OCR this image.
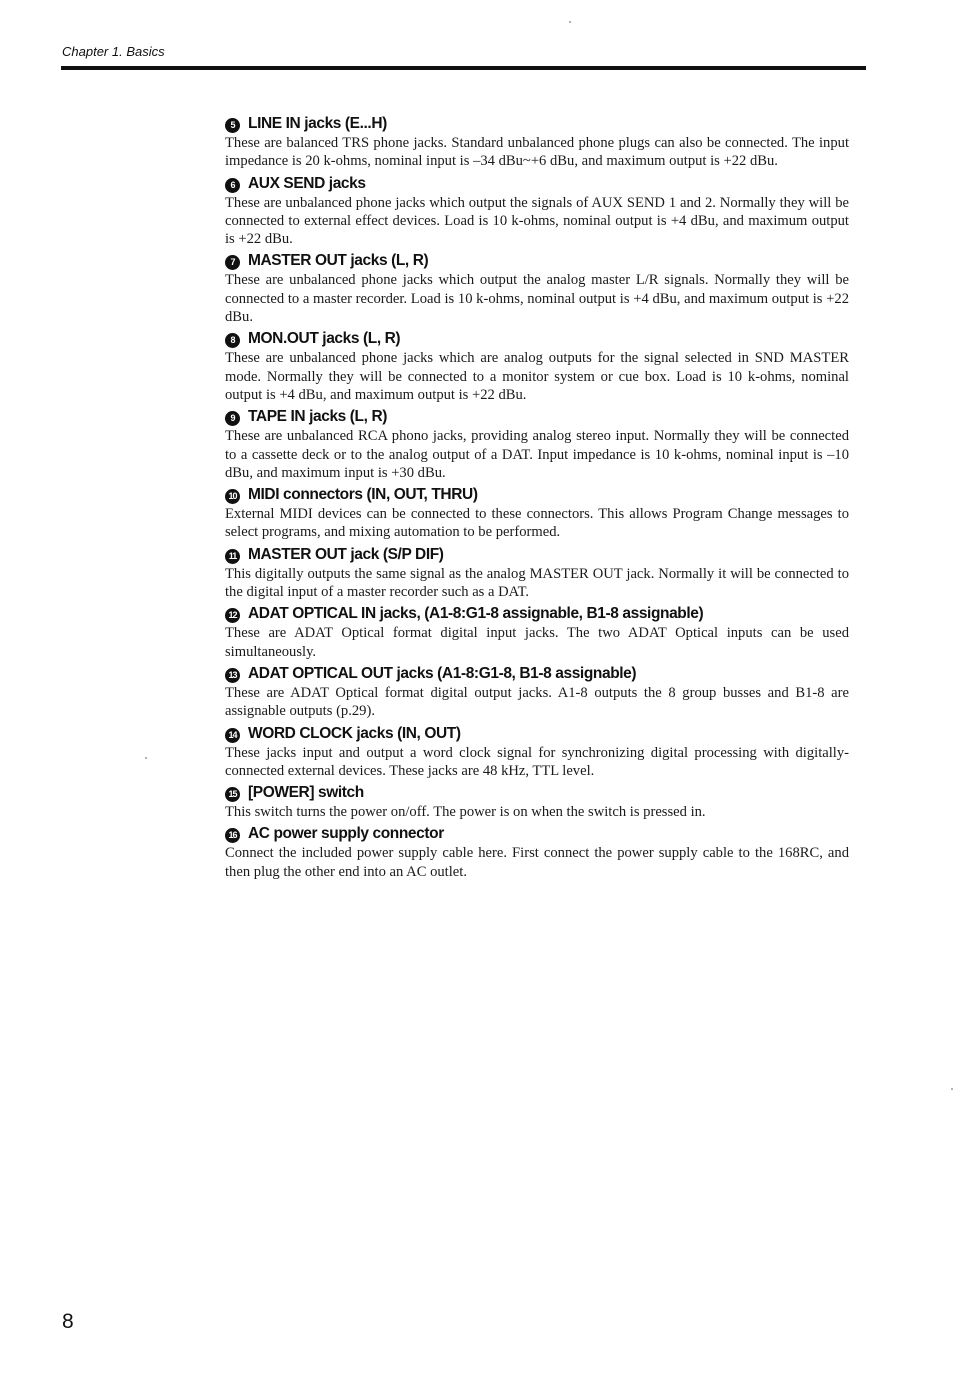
Chapter 1. Basics
5 LINE IN jacks (E...H)

These are balanced TRS phone jacks. Standard unbalanced phone plugs can also be connected. The input impedance is 20 k-ohms, nominal input is –34 dBu~+6 dBu, and maximum output is +22 dBu.

6 AUX SEND jacks

These are unbalanced phone jacks which output the signals of AUX SEND 1 and 2. Normally they will be connected to external effect devices. Load is 10 k-ohms, nominal output is +4 dBu, and maximum output is +22 dBu.

7 MASTER OUT jacks (L, R)

These are unbalanced phone jacks which output the analog master L/R signals. Normally they will be connected to a master recorder. Load is 10 k-ohms, nominal output is +4 dBu, and maximum output is +22 dBu.

8 MON.OUT jacks (L, R)

These are unbalanced phone jacks which are analog outputs for the signal selected in SND MASTER mode. Normally they will be connected to a monitor system or cue box. Load is 10 k-ohms, nominal output is +4 dBu, and maximum output is +22 dBu.

9 TAPE IN jacks (L, R)

These are unbalanced RCA phono jacks, providing analog stereo input. Normally they will be connected to a cassette deck or to the analog output of a DAT. Input impedance is 10 k-ohms, nominal input is –10 dBu, and maximum input is +30 dBu.

10 MIDI connectors (IN, OUT, THRU)

External MIDI devices can be connected to these connectors. This allows Program Change messages to select programs, and mixing automation to be performed.

11 MASTER OUT jack (S/P DIF)

This digitally outputs the same signal as the analog MASTER OUT jack. Normally it will be connected to the digital input of a master recorder such as a DAT.

12 ADAT OPTICAL IN jacks, (A1-8:G1-8 assignable, B1-8 assignable)

These are ADAT Optical format digital input jacks. The two ADAT Optical inputs can be used simultaneously.

13 ADAT OPTICAL OUT jacks (A1-8:G1-8, B1-8 assignable)

These are ADAT Optical format digital output jacks. A1-8 outputs the 8 group busses and B1-8 are assignable outputs (p.29).

14 WORD CLOCK jacks (IN, OUT)

These jacks input and output a word clock signal for synchronizing digital processing with digitally-connected external devices. These jacks are 48 kHz, TTL level.

15 [POWER] switch

This switch turns the power on/off. The power is on when the switch is pressed in.

16 AC power supply connector

Connect the included power supply cable here. First connect the power supply cable to the 168RC, and then plug the other end into an AC outlet.

8
